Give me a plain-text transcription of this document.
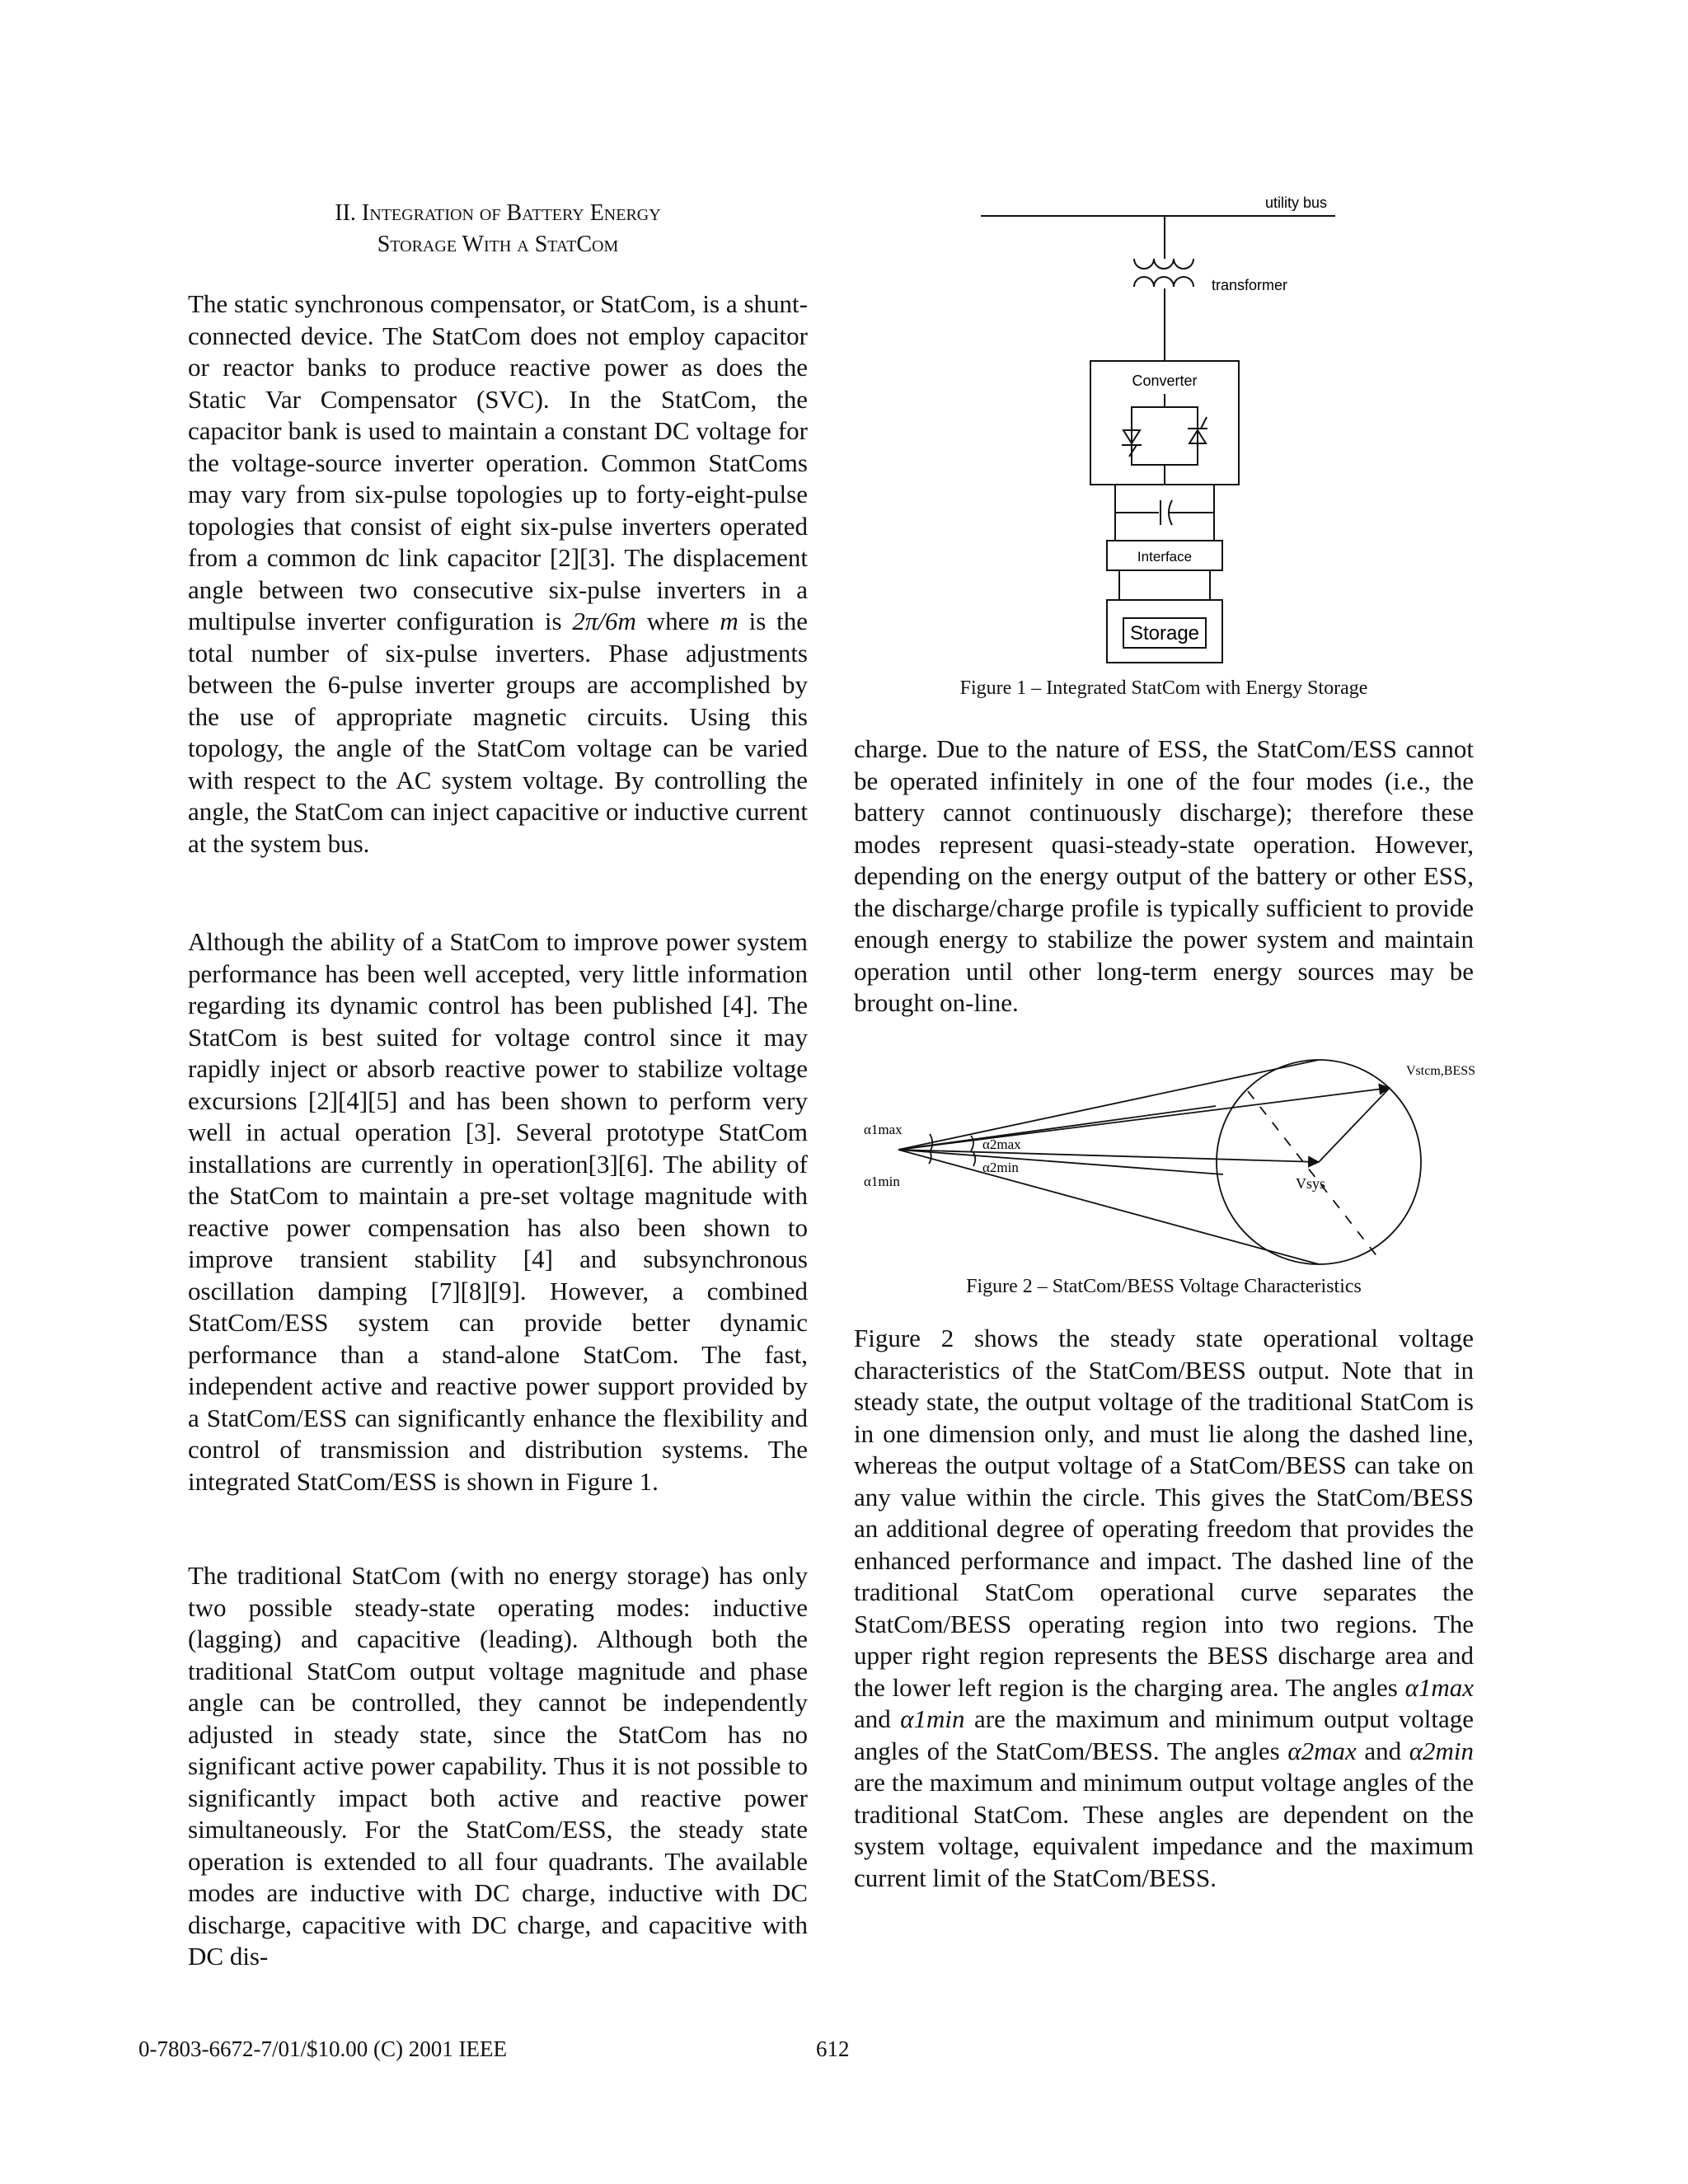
II. Integration of Battery Energy
Storage With a StatCom

The static synchronous compensator, or StatCom, is a shunt-connected device. The StatCom does not employ capacitor or reactor banks to produce reactive power as does the Static Var Compensator (SVC). In the StatCom, the capacitor bank is used to maintain a constant DC voltage for the voltage-source inverter operation. Common StatComs may vary from six-pulse topologies up to forty-eight-pulse topologies that consist of eight six-pulse inverters operated from a common dc link capacitor [2][3]. The displacement angle between two consecutive six-pulse inverters in a multipulse inverter configuration is 2π/6m where m is the total number of six-pulse inverters. Phase adjustments between the 6-pulse inverter groups are accomplished by the use of appropriate magnetic circuits. Using this topology, the angle of the StatCom voltage can be varied with respect to the AC system voltage. By controlling the angle, the StatCom can inject capacitive or inductive current at the system bus.

Although the ability of a StatCom to improve power system performance has been well accepted, very little information regarding its dynamic control has been published [4]. The StatCom is best suited for voltage control since it may rapidly inject or absorb reactive power to stabilize voltage excursions [2][4][5] and has been shown to perform very well in actual operation [3]. Several prototype StatCom installations are currently in operation[3][6]. The ability of the StatCom to maintain a pre-set voltage magnitude with reactive power compensation has also been shown to improve transient stability [4] and subsynchronous oscillation damping [7][8][9]. However, a combined StatCom/ESS system can provide better dynamic performance than a stand-alone StatCom. The fast, independent active and reactive power support provided by a StatCom/ESS can significantly enhance the flexibility and control of transmission and distribution systems. The integrated StatCom/ESS is shown in Figure 1.

The traditional StatCom (with no energy storage) has only two possible steady-state operating modes: inductive (lagging) and capacitive (leading). Although both the traditional StatCom output voltage magnitude and phase angle can be controlled, they cannot be independently adjusted in steady state, since the StatCom has no significant active power capability. Thus it is not possible to significantly impact both active and reactive power simultaneously. For the StatCom/ESS, the steady state operation is extended to all four quadrants. The available modes are inductive with DC charge, inductive with DC discharge, capacitive with DC charge, and capacitive with DC dis-

charge. Due to the nature of ESS, the StatCom/ESS cannot be operated infinitely in one of the four modes (i.e., the battery cannot continuously discharge); therefore these modes represent quasi-steady-state operation. However, depending on the energy output of the battery or other ESS, the discharge/charge profile is typically sufficient to provide enough energy to stabilize the power system and maintain operation until other long-term energy sources may be brought on-line.

Figure 2 shows the steady state operational voltage characteristics of the StatCom/BESS output. Note that in steady state, the output voltage of the traditional StatCom is in one dimension only, and must lie along the dashed line, whereas the output voltage of a StatCom/BESS can take on any value within the circle. This gives the StatCom/BESS an additional degree of operating freedom that provides the enhanced performance and impact. The dashed line of the traditional StatCom operational curve separates the StatCom/BESS operating region into two regions. The upper right region represents the BESS discharge area and the lower left region is the charging area. The angles α1max and α1min are the maximum and minimum output voltage angles of the StatCom/BESS. The angles α2max and α2min are the maximum and minimum output voltage angles of the traditional StatCom. These angles are dependent on the system voltage, equivalent impedance and the maximum current limit of the StatCom/BESS.

utility bus
transformer
Converter
Interface
Storage
Figure 1 – Integrated StatCom with Energy Storage
α1max
α1min
α2max
α2min
Vsys
Vstcm,BESS
Figure 2 – StatCom/BESS Voltage Characteristics
0-7803-6672-7/01/$10.00 (C) 2001 IEEE	612
